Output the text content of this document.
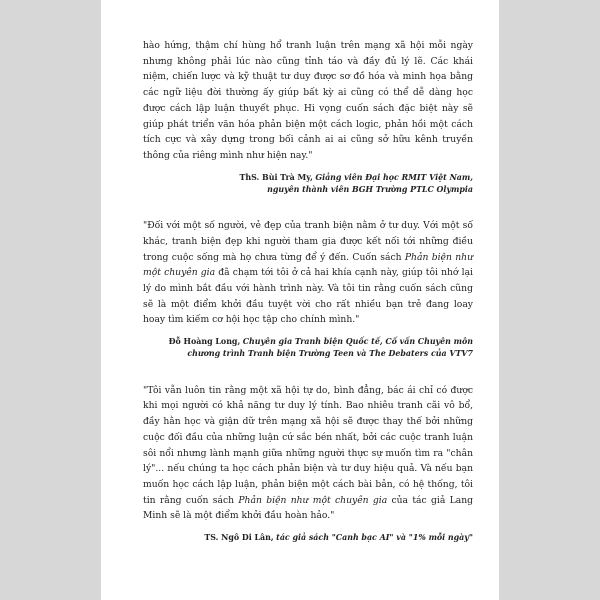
hào hứng, thậm chí hùng hổ tranh luận trên mạng xã hội mỗi ngày nhưng không phải lúc nào cũng tỉnh táo và đầy đủ lý lẽ. Các khái niệm, chiến lược và kỹ thuật tư duy được sơ đồ hóa và minh họa bằng các ngữ liệu đời thường ấy giúp bất kỳ ai cũng có thể dễ dàng học được cách lập luận thuyết phục. Hi vọng cuốn sách đặc biệt này sẽ giúp phát triển văn hóa phản biện một cách logic, phản hồi một cách tích cực và xây dựng trong bối cảnh ai ai cũng sở hữu kênh truyền thông của riêng mình như hiện nay."

ThS. Bùi Trà My, Giảng viên Đại học RMIT Việt Nam,
nguyên thành viên BGH Trường PTLC Olympia

"Đối với một số người, vẻ đẹp của tranh biện nằm ở tư duy. Với một số khác, tranh biện đẹp khi người tham gia được kết nối tới những điều trong cuộc sống mà họ chưa từng để ý đến. Cuốn sách Phản biện như một chuyên gia đã chạm tới tôi ở cả hai khía cạnh này, giúp tôi nhớ lại lý do mình bắt đầu với hành trình này. Và tôi tin rằng cuốn sách cũng sẽ là một điểm khởi đầu tuyệt vời cho rất nhiều bạn trẻ đang loay hoay tìm kiếm cơ hội học tập cho chính mình."

Đỗ Hoàng Long, Chuyên gia Tranh biện Quốc tế, Cố vấn Chuyên môn
chương trình Tranh biện Trường Teen và The Debaters của VTV7

"Tôi vẫn luôn tin rằng một xã hội tự do, bình đẳng, bác ái chỉ có được khi mọi người có khả năng tư duy lý tính. Bao nhiêu tranh cãi vô bổ, đầy hằn học và giận dữ trên mạng xã hội sẽ được thay thế bởi những cuộc đối đầu của những luận cứ sắc bén nhất, bởi các cuộc tranh luận sôi nổi nhưng lành mạnh giữa những người thực sự muốn tìm ra "chân lý"... nếu chúng ta học cách phản biện và tư duy hiệu quả. Và nếu bạn muốn học cách lập luận, phản biện một cách bài bản, có hệ thống, tôi tin rằng cuốn sách Phản biện như một chuyên gia của tác giả Lang Minh sẽ là một điểm khởi đầu hoàn hảo."

TS. Ngô Di Lân, tác giả sách "Canh bạc AI" và "1% mỗi ngày"
